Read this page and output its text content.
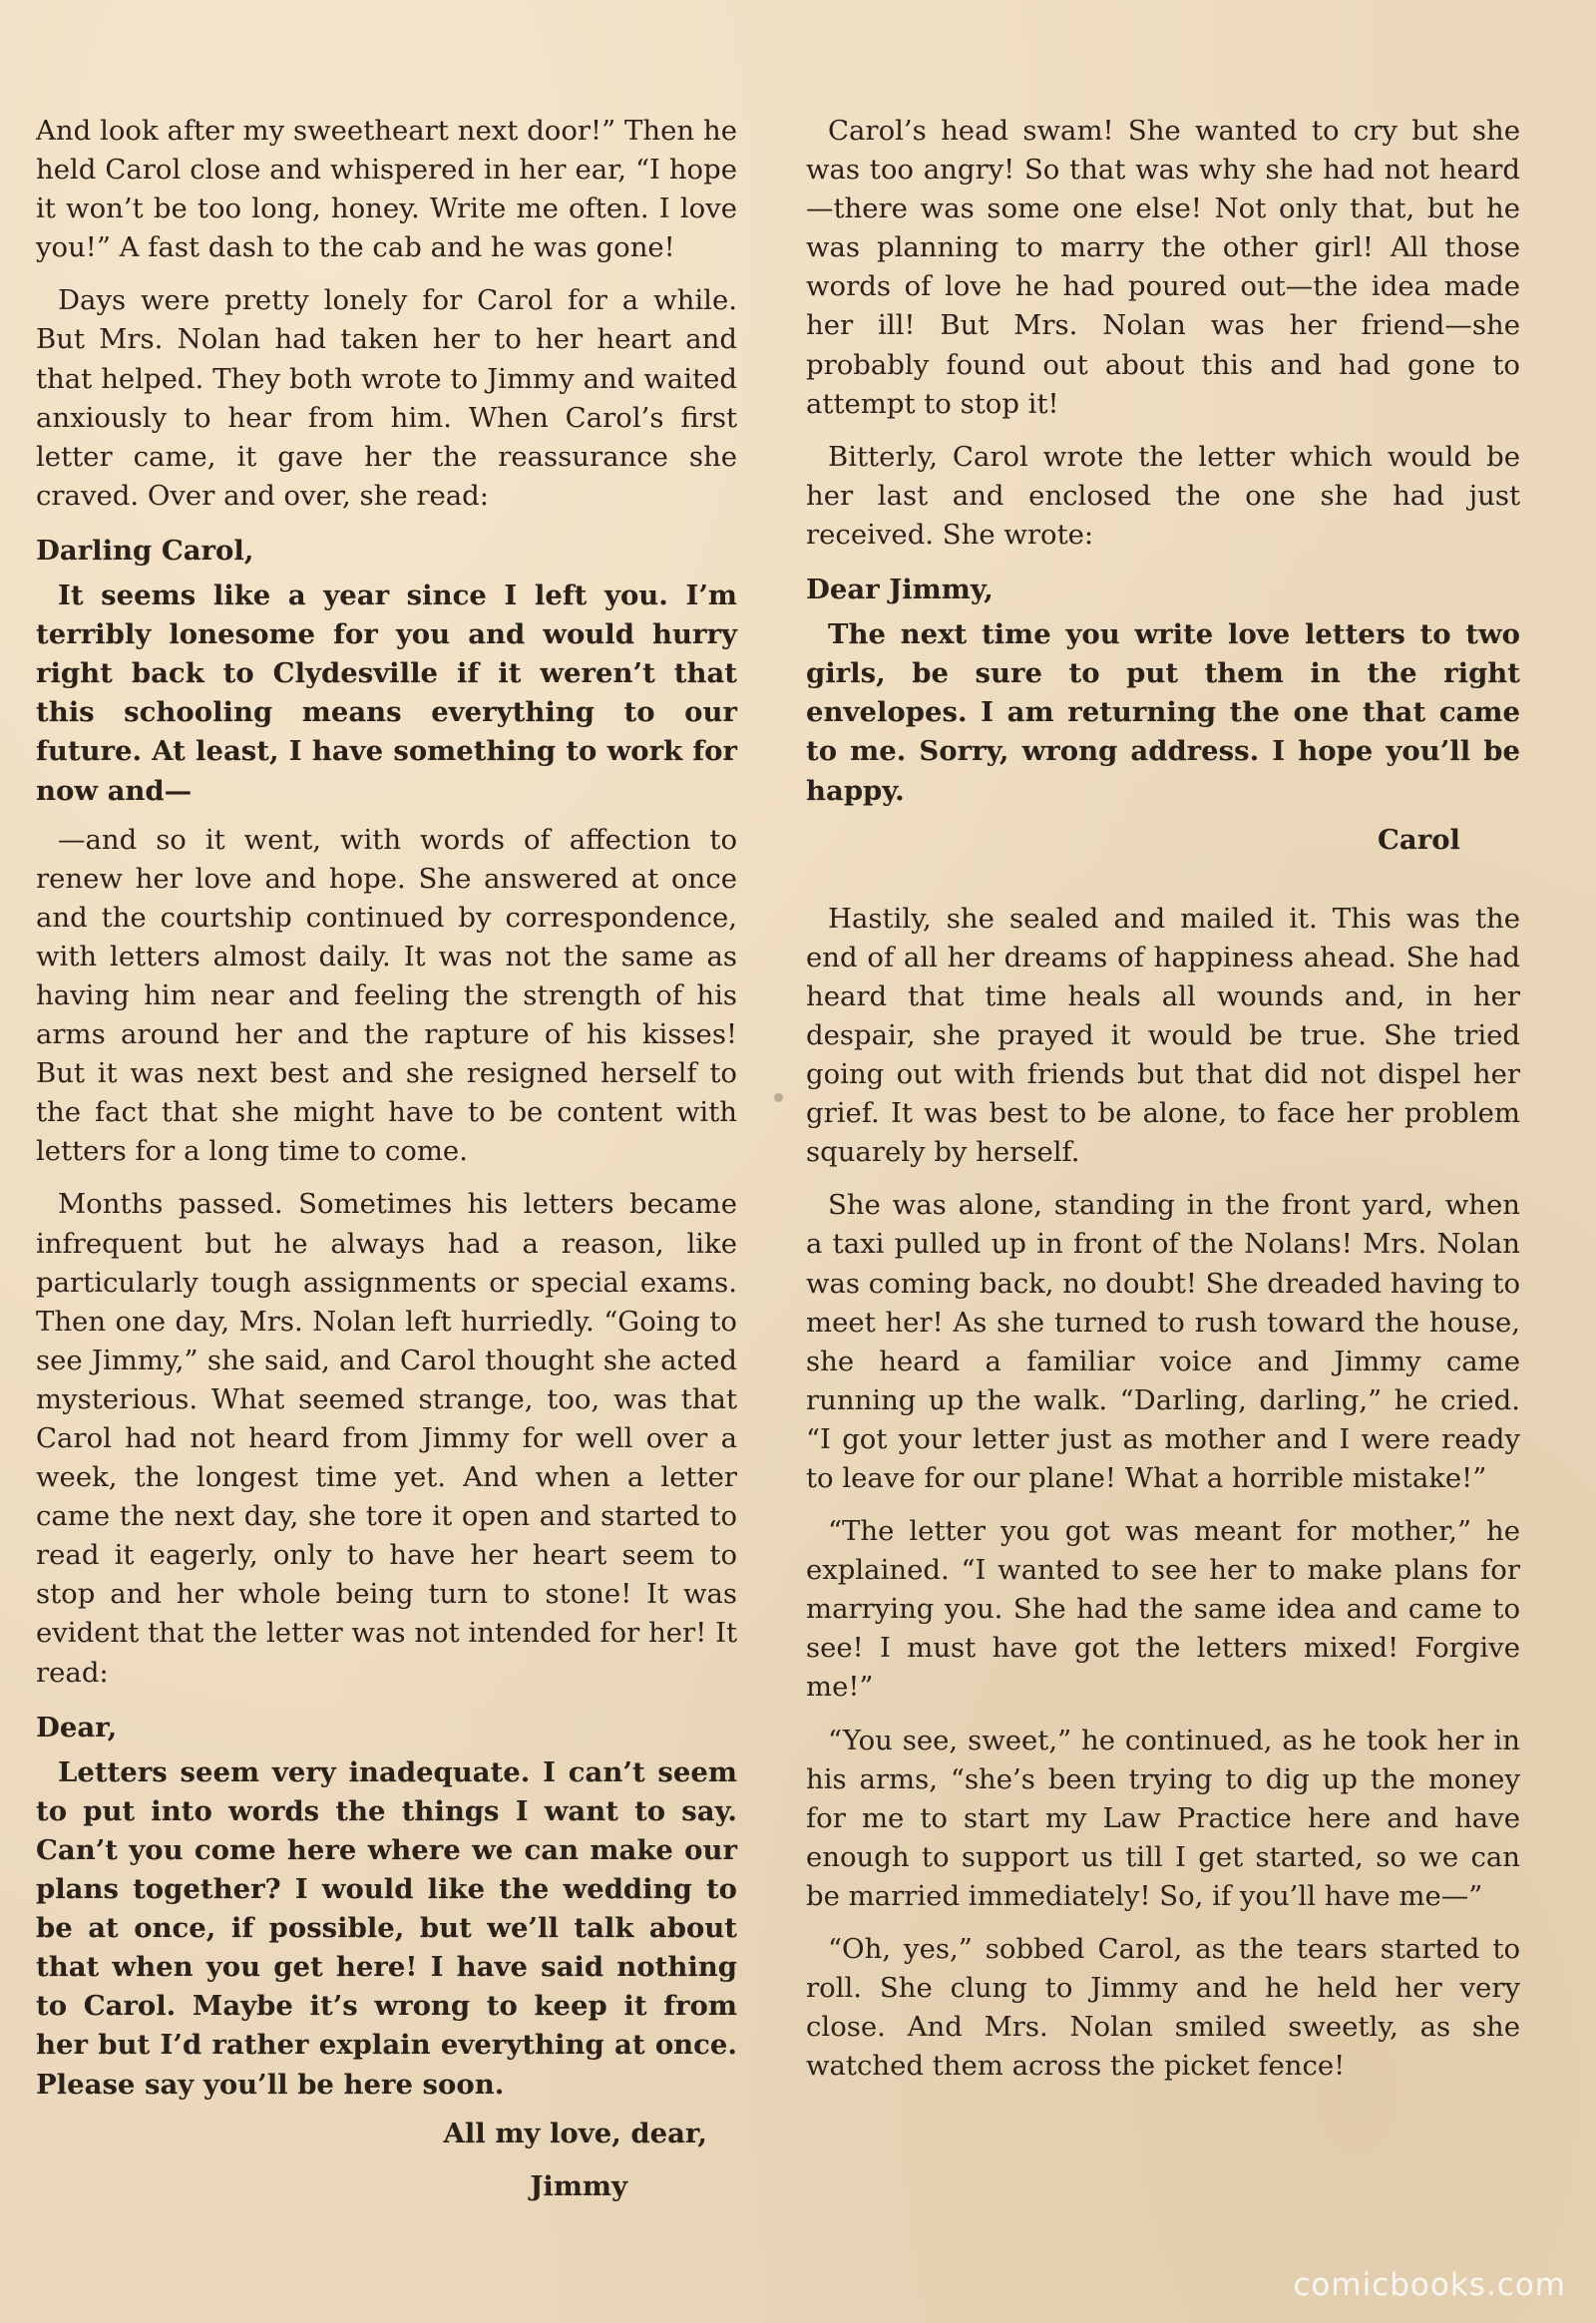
And look after my sweetheart next door!” Then he held Carol close and whispered in her ear, “I hope it won’t be too long, honey. Write me often. I love you!” A fast dash to the cab and he was gone!

Days were pretty lonely for Carol for a while. But Mrs. Nolan had taken her to her heart and that helped. They both wrote to Jimmy and waited anxiously to hear from him. When Carol’s first letter came, it gave her the reassurance she craved. Over and over, she read:

Darling Carol,

It seems like a year since I left you. I’m terribly lonesome for you and would hurry right back to Clydesville if it weren’t that this schooling means everything to our future. At least, I have something to work for now and—

—and so it went, with words of affection to renew her love and hope. She answered at once and the courtship continued by correspondence, with letters almost daily. It was not the same as having him near and feeling the strength of his arms around her and the rapture of his kisses! But it was next best and she resigned herself to the fact that she might have to be content with letters for a long time to come.

Months passed. Sometimes his letters became infrequent but he always had a reason, like particularly tough assignments or special exams. Then one day, Mrs. Nolan left hurriedly. “Going to see Jimmy,” she said, and Carol thought she acted mysterious. What seemed strange, too, was that Carol had not heard from Jimmy for well over a week, the longest time yet. And when a letter came the next day, she tore it open and started to read it eagerly, only to have her heart seem to stop and her whole being turn to stone! It was evident that the letter was not intended for her! It read:

Dear,

Letters seem very inadequate. I can’t seem to put into words the things I want to say. Can’t you come here where we can make our plans together? I would like the wedding to be at once, if possible, but we’ll talk about that when you get here! I have said nothing to Carol. Maybe it’s wrong to keep it from her but I’d rather explain everything at once. Please say you’ll be here soon.

All my love, dear,

Jimmy

Carol’s head swam! She wanted to cry but she was too angry! So that was why she had not heard—there was some one else! Not only that, but he was planning to marry the other girl! All those words of love he had poured out—the idea made her ill! But Mrs. Nolan was her friend—she probably found out about this and had gone to attempt to stop it!

Bitterly, Carol wrote the letter which would be her last and enclosed the one she had just received. She wrote:

Dear Jimmy,

The next time you write love letters to two girls, be sure to put them in the right envelopes. I am returning the one that came to me. Sorry, wrong address. I hope you’ll be happy.

Carol

Hastily, she sealed and mailed it. This was the end of all her dreams of happiness ahead. She had heard that time heals all wounds and, in her despair, she prayed it would be true. She tried going out with friends but that did not dispel her grief. It was best to be alone, to face her problem squarely by herself.

She was alone, standing in the front yard, when a taxi pulled up in front of the Nolans! Mrs. Nolan was coming back, no doubt! She dreaded having to meet her! As she turned to rush toward the house, she heard a familiar voice and Jimmy came running up the walk. “Darling, darling,” he cried. “I got your letter just as mother and I were ready to leave for our plane! What a horrible mistake!”

“The letter you got was meant for mother,” he explained. “I wanted to see her to make plans for marrying you. She had the same idea and came to see! I must have got the letters mixed! Forgive me!”

“You see, sweet,” he continued, as he took her in his arms, “she’s been trying to dig up the money for me to start my Law Practice here and have enough to support us till I get started, so we can be married immediately! So, if you’ll have me—”

“Oh, yes,” sobbed Carol, as the tears started to roll. She clung to Jimmy and he held her very close. And Mrs. Nolan smiled sweetly, as she watched them across the picket fence!

comicbooks.com
